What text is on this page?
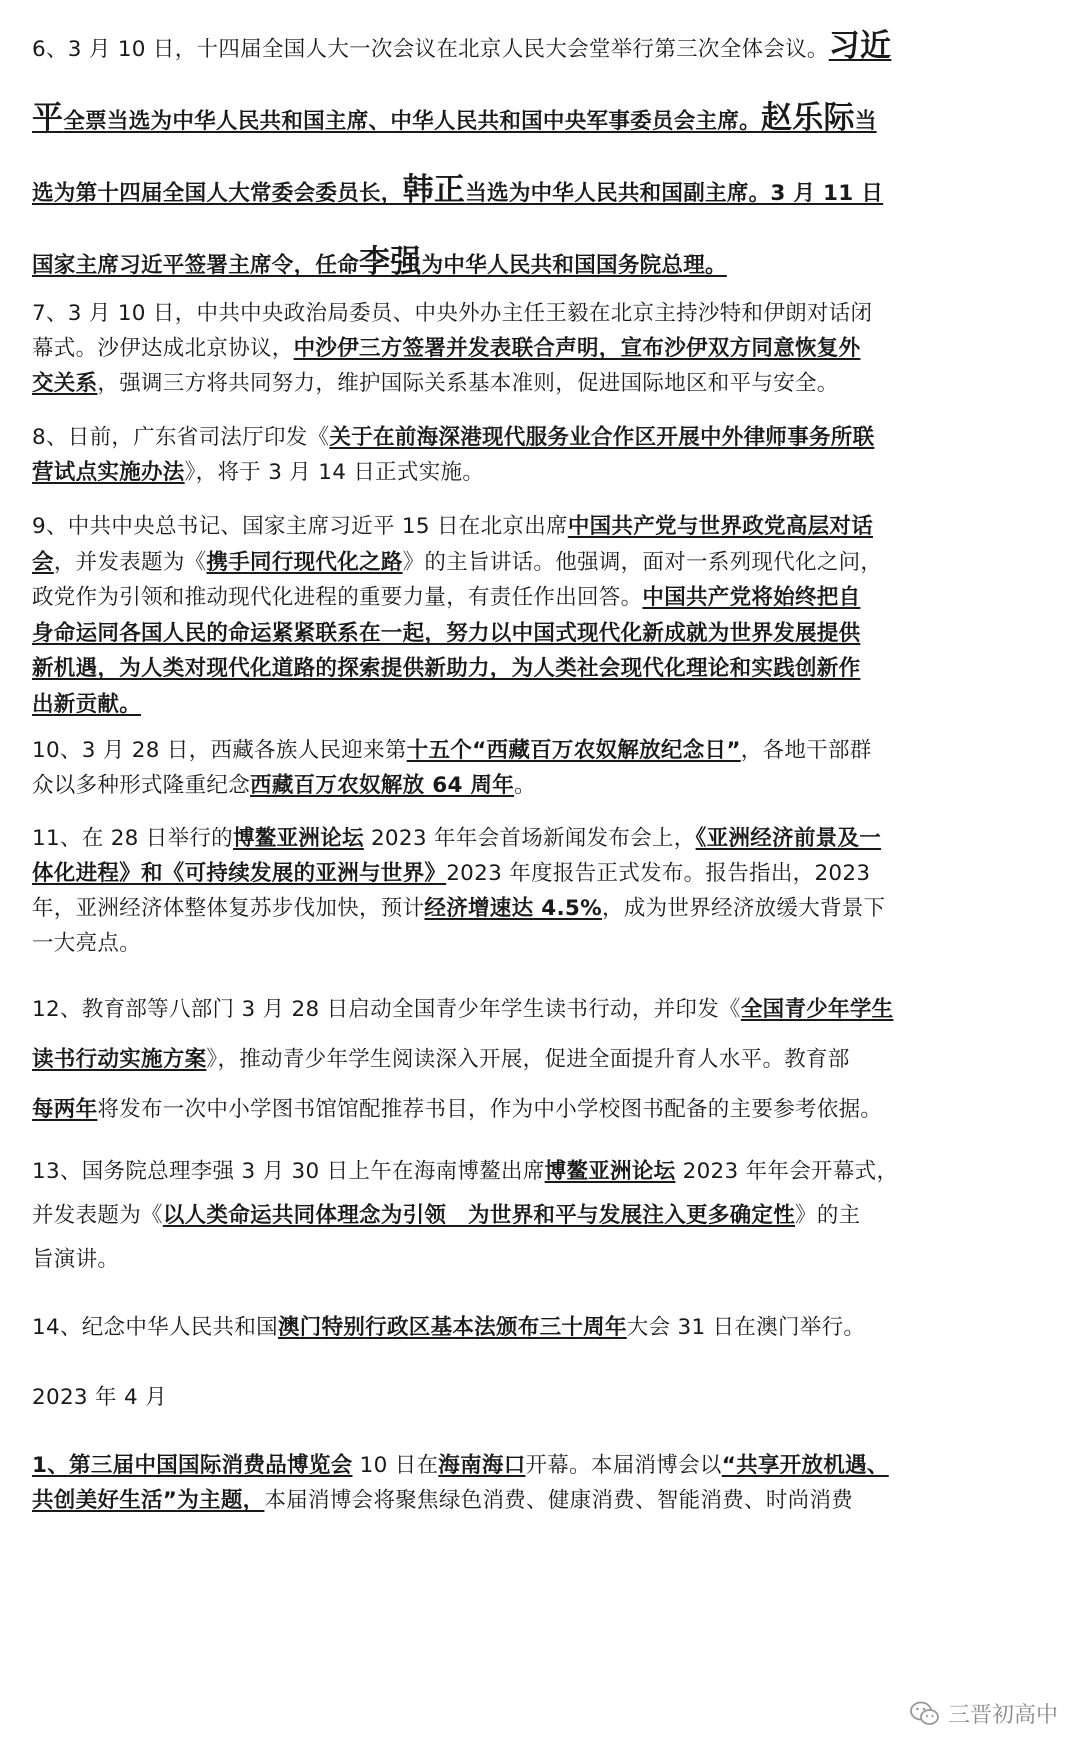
6、3 月 10 日，十四届全国人大一次会议在北京人民大会堂举行第三次全体会议。习近
平全票当选为中华人民共和国主席、中华人民共和国中央军事委员会主席。赵乐际当
选为第十四届全国人大常委会委员长，韩正当选为中华人民共和国副主席。3 月 11 日
国家主席习近平签署主席令，任命李强为中华人民共和国国务院总理。
7、3 月 10 日，中共中央政治局委员、中央外办主任王毅在北京主持沙特和伊朗对话闭
幕式。沙伊达成北京协议，中沙伊三方签署并发表联合声明，宣布沙伊双方同意恢复外
交关系，强调三方将共同努力，维护国际关系基本准则，促进国际地区和平与安全。
8、日前，广东省司法厅印发《关于在前海深港现代服务业合作区开展中外律师事务所联
营试点实施办法》，将于 3 月 14 日正式实施。
9、中共中央总书记、国家主席习近平 15 日在北京出席中国共产党与世界政党高层对话
会，并发表题为《携手同行现代化之路》的主旨讲话。他强调，面对一系列现代化之问，
政党作为引领和推动现代化进程的重要力量，有责任作出回答。中国共产党将始终把自
身命运同各国人民的命运紧紧联系在一起，努力以中国式现代化新成就为世界发展提供
新机遇，为人类对现代化道路的探索提供新助力，为人类社会现代化理论和实践创新作
出新贡献。
10、3 月 28 日，西藏各族人民迎来第十五个“西藏百万农奴解放纪念日”，各地干部群
众以多种形式隆重纪念西藏百万农奴解放 64 周年。
11、在 28 日举行的博鳌亚洲论坛 2023 年年会首场新闻发布会上，《亚洲经济前景及一
体化进程》和《可持续发展的亚洲与世界》2023 年度报告正式发布。报告指出，2023
年，亚洲经济体整体复苏步伐加快，预计经济增速达 4.5%，成为世界经济放缓大背景下
一大亮点。
12、教育部等八部门 3 月 28 日启动全国青少年学生读书行动，并印发《全国青少年学生
读书行动实施方案》，推动青少年学生阅读深入开展，促进全面提升育人水平。教育部
每两年将发布一次中小学图书馆馆配推荐书目，作为中小学校图书配备的主要参考依据。
13、国务院总理李强 3 月 30 日上午在海南博鳌出席博鳌亚洲论坛 2023 年年会开幕式，
并发表题为《以人类命运共同体理念为引领　为世界和平与发展注入更多确定性》的主
旨演讲。
14、纪念中华人民共和国澳门特别行政区基本法颁布三十周年大会 31 日在澳门举行。
2023 年 4 月
1、第三届中国国际消费品博览会 10 日在海南海口开幕。本届消博会以“共享开放机遇、
共创美好生活”为主题，本届消博会将聚焦绿色消费、健康消费、智能消费、时尚消费
三晋初高中
